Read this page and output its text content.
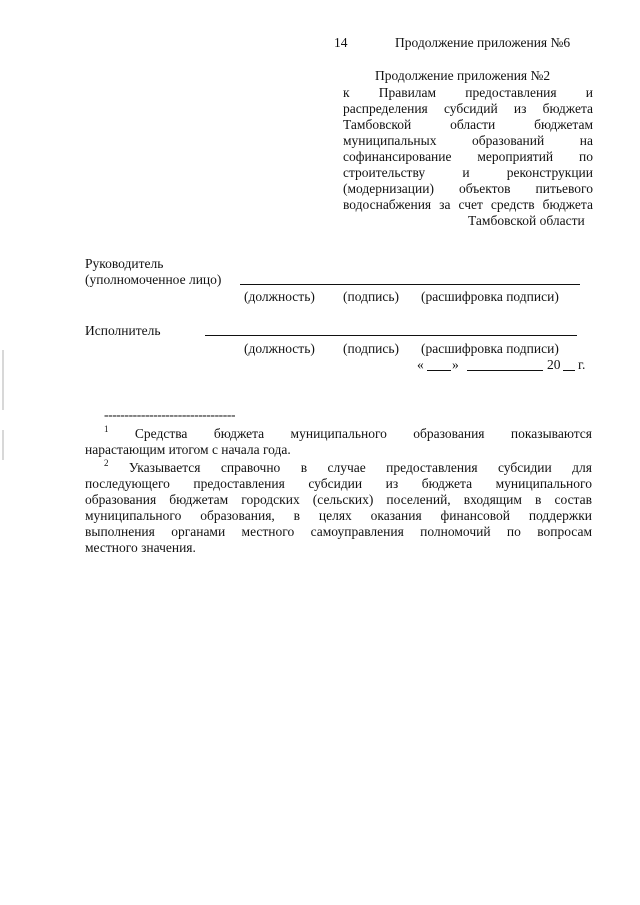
14	Продолжение приложения №6
Продолжение приложения №2
к Правилам предоставления и
распределения субсидий из бюджета
Тамбовской области бюджетам
муниципальных образований на
софинансирование мероприятий по
строительству и реконструкции
(модернизации) объектов питьевого
водоснабжения за счет средств бюджета
Тамбовской области
Руководитель
(уполномоченное лицо)
(должность) (подпись) (расшифровка подписи)
Исполнитель
(должность) (подпись) (расшифровка подписи)
« »	20 г.
--------------------------------
$^1$ Средства бюджета муниципального образования показываются
нарастающим итогом с начала года.
$^2$ Указывается справочно в случае предоставления субсидии для
последующего предоставления субсидии из бюджета муниципального
образования бюджетам городских (сельских) поселений, входящим в состав
муниципального образования, в целях оказания финансовой поддержки
выполнения органами местного самоуправления полномочий по вопросам
местного значения.
